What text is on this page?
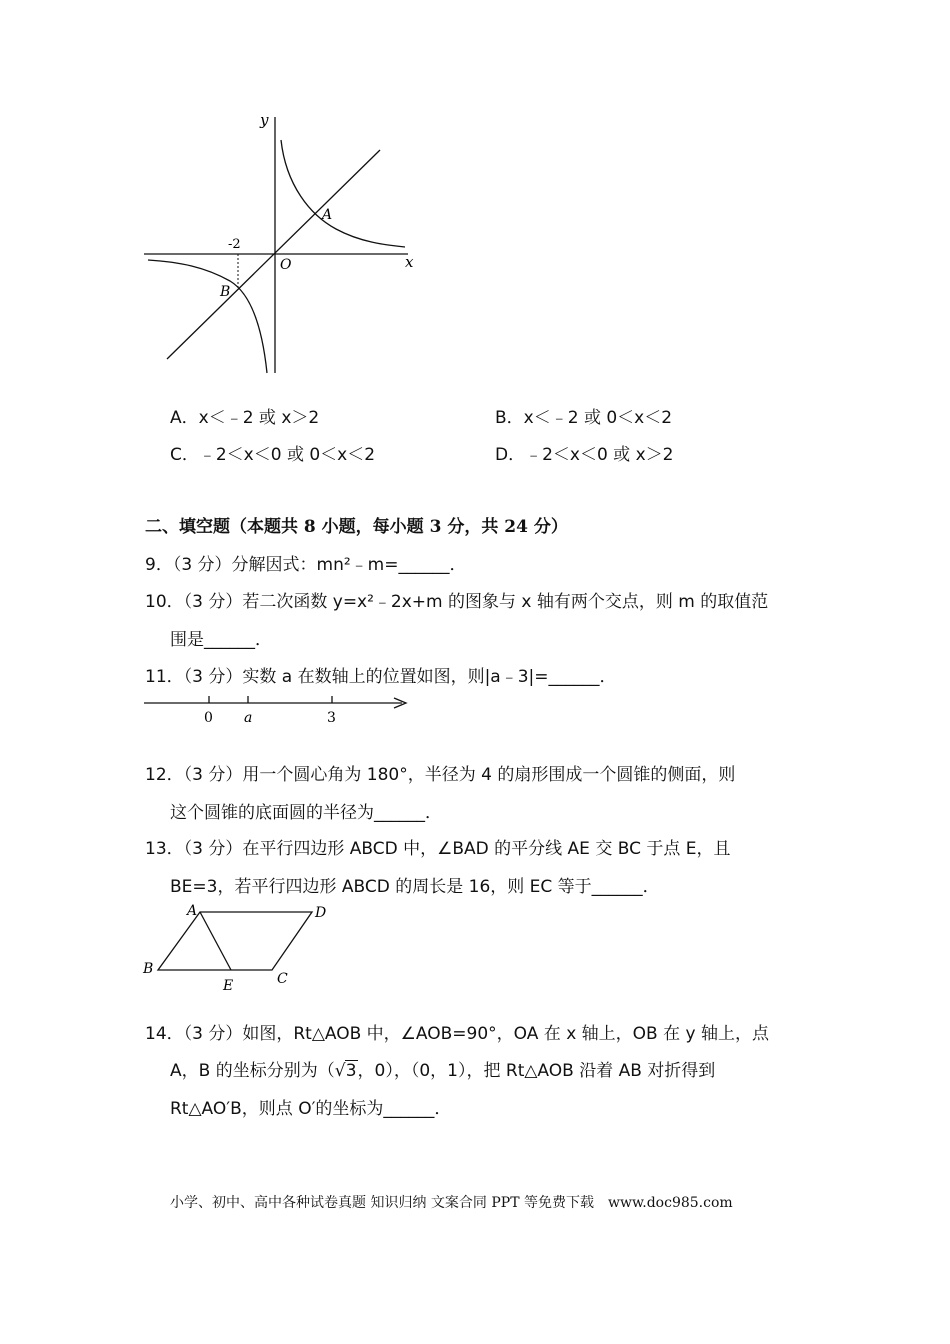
y
x
O
A
B
-2
A．x＜﹣2 或 x＞2	B．x＜﹣2 或 0＜x＜2
C．﹣2＜x＜0 或 0＜x＜2	D．﹣2＜x＜0 或 x＞2
二、填空题（本题共 8 小题，每小题 3 分，共 24 分）
9．（3 分）分解因式：mn²﹣m=______．
10．（3 分）若二次函数 y=x²﹣2x+m 的图象与 x 轴有两个交点，则 m 的取值范
围是______．
11．（3 分）实数 a 在数轴上的位置如图，则|a﹣3|=______．
0 a	3
12．（3 分）用一个圆心角为 180°，半径为 4 的扇形围成一个圆锥的侧面，则
这个圆锥的底面圆的半径为______．
13．（3 分）在平行四边形 ABCD 中，∠BAD 的平分线 AE 交 BC 于点 E，且
BE=3，若平行四边形 ABCD 的周长是 16，则 EC 等于______．
A	D
B
C
E
14．（3 分）如图，Rt△AOB 中，∠AOB=90°，OA 在 x 轴上，OB 在 y 轴上，点
A，B 的坐标分别为（ √ 3，0），（0，1），把 Rt△AOB 沿着 AB 对折得到
Rt△AO′B，则点 O′的坐标为______．
小学、初中、高中各种试卷真题 知识归纳 文案合同 PPT 等免费下载　www.doc985.com
